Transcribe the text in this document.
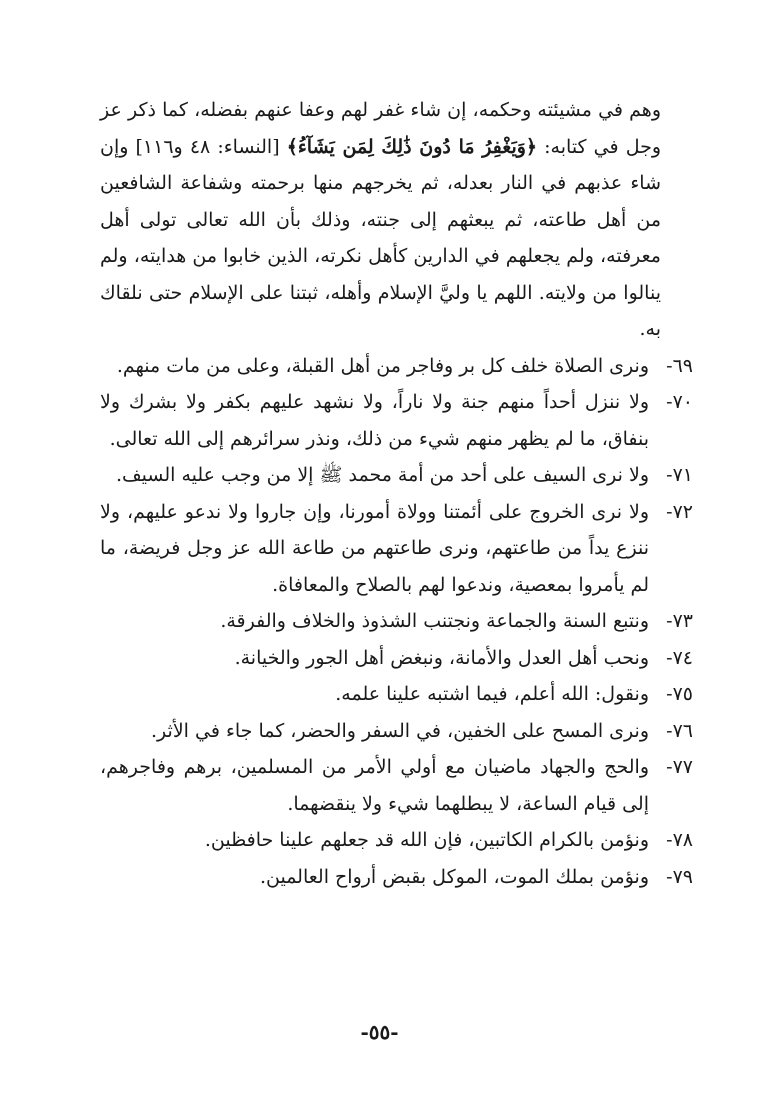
وهم في مشيئته وحكمه، إن شاء غفر لهم وعفا عنهم بفضله، كما ذكر عز وجل في كتابه: ﴿وَيَغْفِرُ مَا دُونَ ذَٰلِكَ لِمَن يَشَآءُ﴾ [النساء: ٤٨ و١١٦] وإن شاء عذبهم في النار بعدله، ثم يخرجهم منها برحمته وشفاعة الشافعين من أهل طاعته، ثم يبعثهم إلى جنته، وذلك بأن الله تعالى تولى أهل معرفته، ولم يجعلهم في الدارين كأهل نكرته، الذين خابوا من هدايته، ولم ينالوا من ولايته. اللهم يا وليَّ الإسلام وأهله، ثبتنا على الإسلام حتى نلقاك به.

٦٩-
ونرى الصلاة خلف كل بر وفاجر من أهل القبلة، وعلى من مات منهم.

٧٠-
ولا ننزل أحداً منهم جنة ولا ناراً، ولا نشهد عليهم بكفر ولا بشرك ولا بنفاق، ما لم يظهر منهم شيء من ذلك، ونذر سرائرهم إلى الله تعالى.

٧١-
ولا نرى السيف على أحد من أمة محمد ﷺ إلا من وجب عليه السيف.

٧٢-
ولا نرى الخروج على أئمتنا وولاة أمورنا، وإن جاروا ولا ندعو عليهم، ولا ننزع يداً من طاعتهم، ونرى طاعتهم من طاعة الله عز وجل فريضة، ما لم يأمروا بمعصية، وندعوا لهم بالصلاح والمعافاة.

٧٣-
ونتبع السنة والجماعة ونجتنب الشذوذ والخلاف والفرقة.

٧٤-
ونحب أهل العدل والأمانة، ونبغض أهل الجور والخيانة.

٧٥-
ونقول: الله أعلم، فيما اشتبه علينا علمه.

٧٦-
ونرى المسح على الخفين، في السفر والحضر، كما جاء في الأثر.

٧٧-
والحج والجهاد ماضيان مع أولي الأمر من المسلمين، برهم وفاجرهم، إلى قيام الساعة، لا يبطلهما شيء ولا ينقضهما.

٧٨-
ونؤمن بالكرام الكاتبين، فإن الله قد جعلهم علينا حافظين.

٧٩-
ونؤمن بملك الموت، الموكل بقبض أرواح العالمين.

-٥٥-
